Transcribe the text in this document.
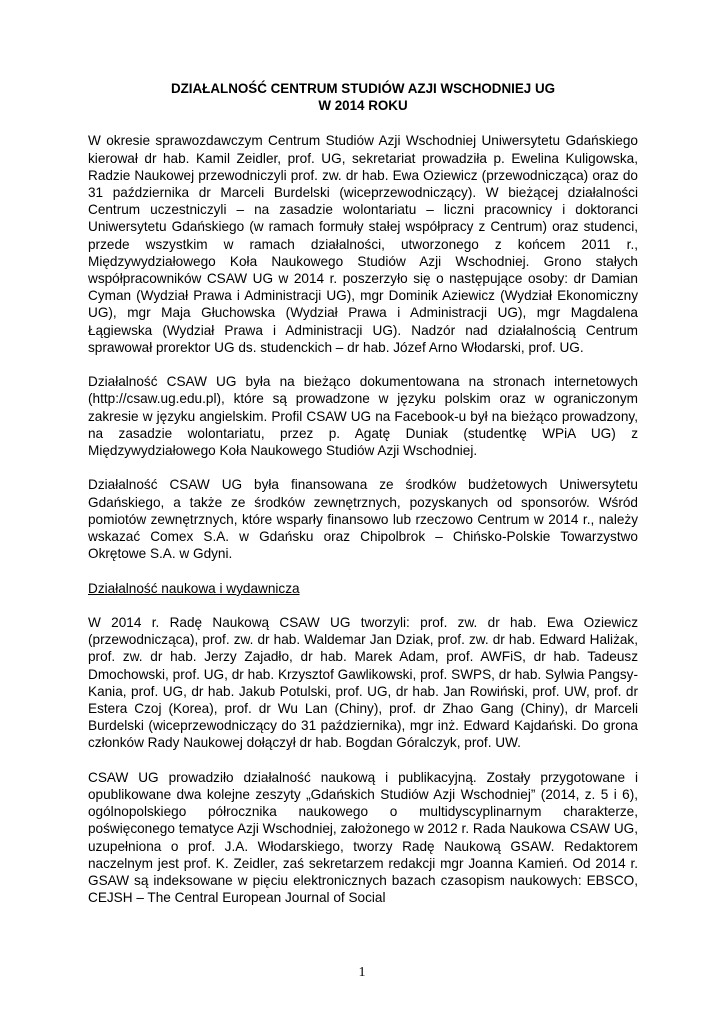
DZIAŁALNOŚĆ CENTRUM STUDIÓW AZJI WSCHODNIEJ UG
W 2014 ROKU

W okresie sprawozdawczym Centrum Studiów Azji Wschodniej Uniwersytetu Gdańskiego kierował dr hab. Kamil Zeidler, prof. UG, sekretariat prowadziła p. Ewelina Kuligowska, Radzie Naukowej przewodniczyli prof. zw. dr hab. Ewa Oziewicz (przewodnicząca) oraz do 31 października dr Marceli Burdelski (wiceprzewodniczący). W bieżącej działalności Centrum uczestniczyli – na zasadzie wolontariatu – liczni pracownicy i doktoranci Uniwersytetu Gdańskiego (w ramach formuły stałej współpracy z Centrum) oraz studenci, przede wszystkim w ramach działalności, utworzonego z końcem 2011 r., Międzywydziałowego Koła Naukowego Studiów Azji Wschodniej. Grono stałych współpracowników CSAW UG w 2014 r. poszerzyło się o następujące osoby: dr Damian Cyman (Wydział Prawa i Administracji UG), mgr Dominik Aziewicz (Wydział Ekonomiczny UG), mgr Maja Głuchowska (Wydział Prawa i Administracji UG), mgr Magdalena Łągiewska (Wydział Prawa i Administracji UG). Nadzór nad działalnością Centrum sprawował prorektor UG ds. studenckich – dr hab. Józef Arno Włodarski, prof. UG.

Działalność CSAW UG była na bieżąco dokumentowana na stronach internetowych (http://csaw.ug.edu.pl), które są prowadzone w języku polskim oraz w ograniczonym zakresie w języku angielskim. Profil CSAW UG na Facebook-u był na bieżąco prowadzony, na zasadzie wolontariatu, przez p. Agatę Duniak (studentkę WPiA UG) z Międzywydziałowego Koła Naukowego Studiów Azji Wschodniej.

Działalność CSAW UG była finansowana ze środków budżetowych Uniwersytetu Gdańskiego, a także ze środków zewnętrznych, pozyskanych od sponsorów. Wśród pomiotów zewnętrznych, które wsparły finansowo lub rzeczowo Centrum w 2014 r., należy wskazać Comex S.A. w Gdańsku oraz Chipolbrok – Chińsko-Polskie Towarzystwo Okrętowe S.A. w Gdyni.

Działalność naukowa i wydawnicza

W 2014 r. Radę Naukową CSAW UG tworzyli: prof. zw. dr hab. Ewa Oziewicz (przewodnicząca), prof. zw. dr hab. Waldemar Jan Dziak, prof. zw. dr hab. Edward Haliżak, prof. zw. dr hab. Jerzy Zajadło, dr hab. Marek Adam, prof. AWFiS, dr hab. Tadeusz Dmochowski, prof. UG, dr hab. Krzysztof Gawlikowski, prof. SWPS, dr hab. Sylwia Pangsy-Kania, prof. UG, dr hab. Jakub Potulski, prof. UG, dr hab. Jan Rowiński, prof. UW, prof. dr Estera Czoj (Korea), prof. dr Wu Lan (Chiny), prof. dr Zhao Gang (Chiny), dr Marceli Burdelski (wiceprzewodniczący do 31 października), mgr inż. Edward Kajdański. Do grona członków Rady Naukowej dołączył dr hab. Bogdan Góralczyk, prof. UW.

CSAW UG prowadziło działalność naukową i publikacyjną. Zostały przygotowane i opublikowane dwa kolejne zeszyty „Gdańskich Studiów Azji Wschodniej” (2014, z. 5 i 6), ogólnopolskiego półrocznika naukowego o multidyscyplinarnym charakterze, poświęconego tematyce Azji Wschodniej, założonego w 2012 r. Rada Naukowa CSAW UG, uzupełniona o prof. J.A. Włodarskiego, tworzy Radę Naukową GSAW. Redaktorem naczelnym jest prof. K. Zeidler, zaś sekretarzem redakcji mgr Joanna Kamień. Od 2014 r. GSAW są indeksowane w pięciu elektronicznych bazach czasopism naukowych: EBSCO, CEJSH – The Central European Journal of Social

1
